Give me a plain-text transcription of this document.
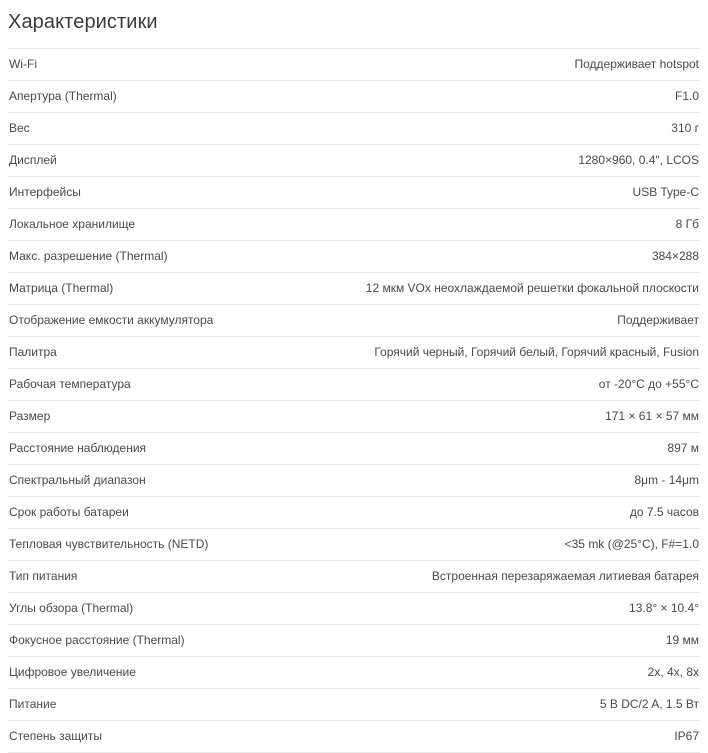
Характеристики
Wi-Fi	Поддерживает hotspot
Апертура (Thermal)	F1.0
Вес	310 г
Дисплей	1280×960, 0.4", LCOS
Интерфейсы	USB Type-C
Локальное хранилище	8 Гб
Макс. разрешение (Thermal)	384×288
Матрица (Thermal)	12 мкм VOx неохлаждаемой решетки фокальной плоскости
Отображение емкости аккумулятора	Поддерживает
Палитра	Горячий черный, Горячий белый, Горячий красный, Fusion
Рабочая температура	от -20°C до +55°C
Размер	171 × 61 × 57 мм
Расстояние наблюдения	897 м
Спектральный диапазон	8μm - 14μm
Срок работы батареи	до 7.5 часов
Тепловая чувствительность (NETD)	<35 mk (@25°C), F#=1.0
Тип питания	Встроенная перезаряжаемая литиевая батарея
Углы обзора (Thermal)	13.8° × 10.4°
Фокусное расстояние (Thermal)	19 мм
Цифровое увеличение	2x, 4x, 8x
Питание	5 В DC/2 A, 1.5 Вт
Степень защиты	IP67
